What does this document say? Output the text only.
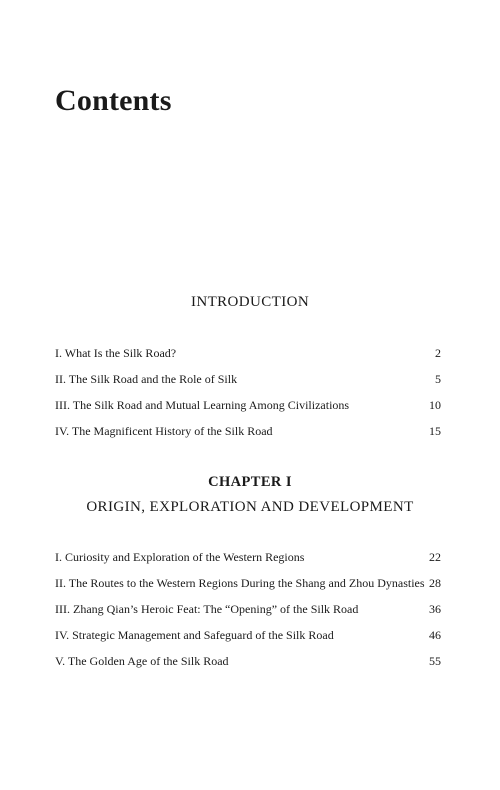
Contents
INTRODUCTION
I. What Is the Silk Road?	2
II. The Silk Road and the Role of Silk	5
III. The Silk Road and Mutual Learning Among Civilizations	10
IV. The Magnificent History of the Silk Road	15
CHAPTER I
ORIGIN, EXPLORATION AND DEVELOPMENT
I. Curiosity and Exploration of the Western Regions	22
II. The Routes to the Western Regions During the Shang and Zhou Dynasties 28
III. Zhang Qian’s Heroic Feat: The “Opening” of the Silk Road	36
IV. Strategic Management and Safeguard of the Silk Road	46
V. The Golden Age of the Silk Road	55
